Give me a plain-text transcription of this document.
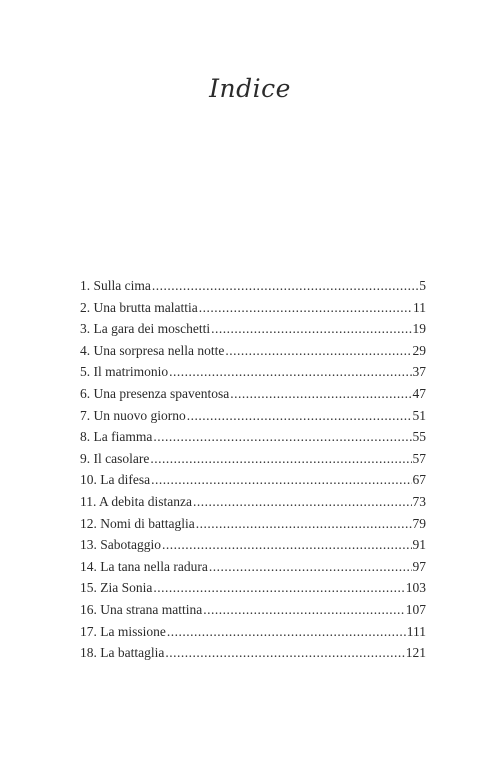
Indice
1. Sulla cima .....	5
2. Una brutta malattia .....	11
3. La gara dei moschetti .....	19
4. Una sorpresa nella notte .....	29
5. Il matrimonio .....	37
6. Una presenza spaventosa .....	47
7. Un nuovo giorno .....	51
8. La fiamma .....	55
9. Il casolare .....	57
10. La difesa .....	67
11. A debita distanza .....	73
12. Nomi di battaglia .....	79
13. Sabotaggio .....	91
14. La tana nella radura .....	97
15. Zia Sonia .....	103
16. Una strana mattina .....	107
17. La missione .....	111
18. La battaglia .....	121
